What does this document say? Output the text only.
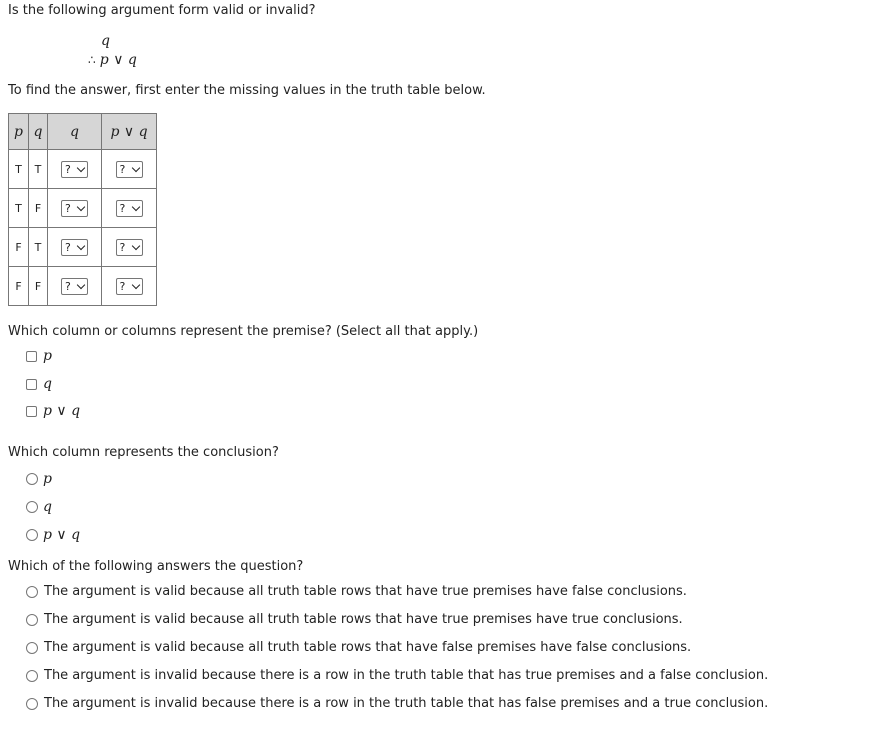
Is the following argument form valid or invalid?
q
∴ p ∨ q
To find the answer, first enter the missing values in the truth table below.
p	q	q	p ∨ q
T	T	?	?

T	F	?	?

F	T	?	?

F	F	?	?
Which column or columns represent the premise? (Select all that apply.)
p
q
p ∨ q
Which column represents the conclusion?
p
q
p ∨ q
Which of the following answers the question?
The argument is valid because all truth table rows that have true premises have false conclusions.
The argument is valid because all truth table rows that have true premises have true conclusions.
The argument is valid because all truth table rows that have false premises have false conclusions.
The argument is invalid because there is a row in the truth table that has true premises and a false conclusion.
The argument is invalid because there is a row in the truth table that has false premises and a true conclusion.
